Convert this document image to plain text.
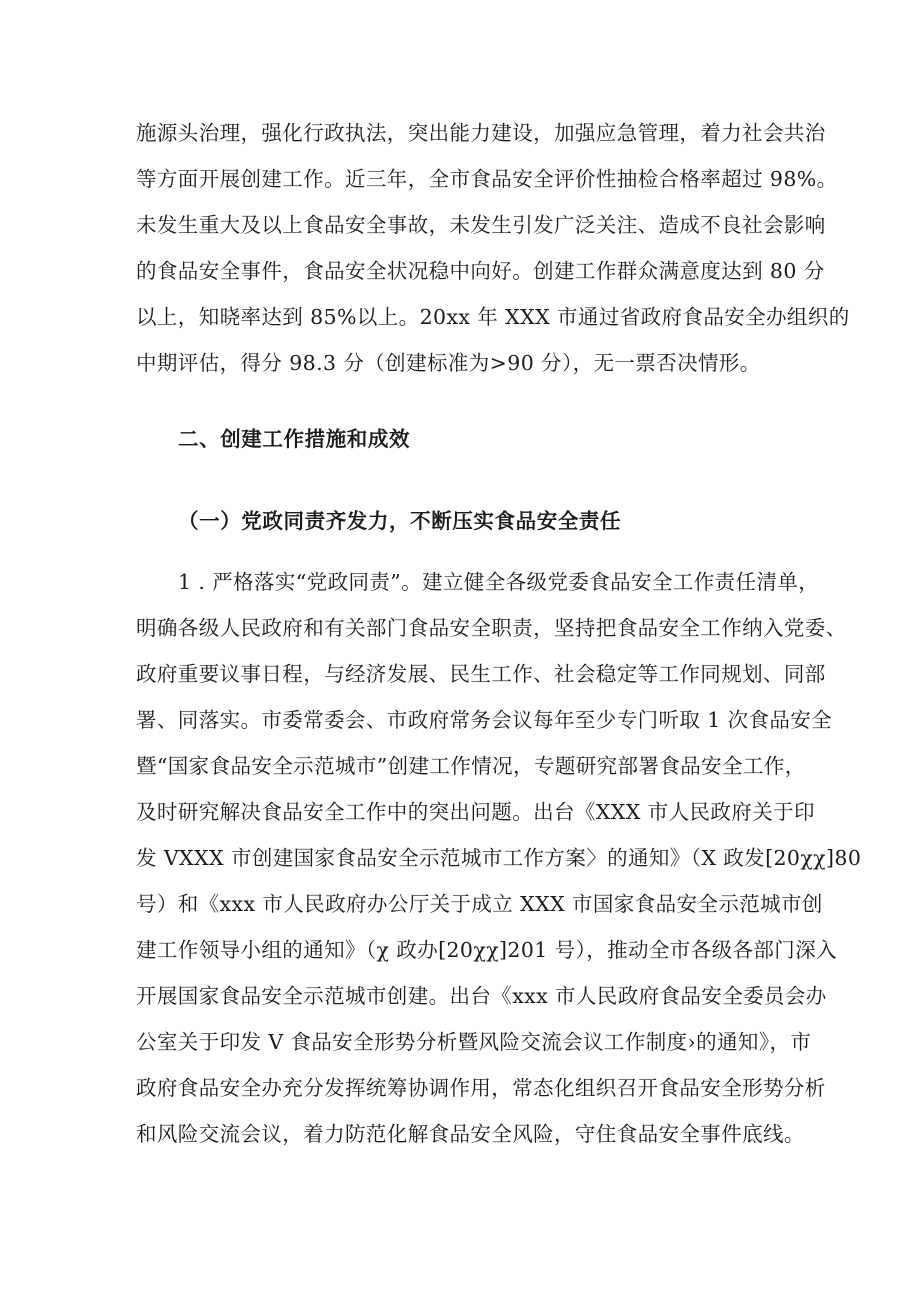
施源头治理，强化行政执法，突出能力建设，加强应急管理，着力社会共治
等方面开展创建工作。近三年，全市食品安全评价性抽检合格率超过 98%。
未发生重大及以上食品安全事故，未发生引发广泛关注、造成不良社会影响
的食品安全事件，食品安全状况稳中向好。创建工作群众满意度达到 80 分
以上，知晓率达到 85%以上。20xx 年 XXX 市通过省政府食品安全办组织的
中期评估，得分 98.3 分（创建标准为>90 分），无一票否决情形。
二、创建工作措施和成效
（一）党政同责齐发力，不断压实食品安全责任
1 . 严格落实“党政同责”。建立健全各级党委食品安全工作责任清单，
明确各级人民政府和有关部门食品安全职责，坚持把食品安全工作纳入党委、
政府重要议事日程，与经济发展、民生工作、社会稳定等工作同规划、同部
署、同落实。市委常委会、市政府常务会议每年至少专门听取 1 次食品安全
暨“国家食品安全示范城市”创建工作情况，专题研究部署食品安全工作，
及时研究解决食品安全工作中的突出问题。出台《XXX 市人民政府关于印
发 VXXX 市创建国家食品安全示范城市工作方案〉的通知》（X 政发[20χχ]80
号）和《xxx 市人民政府办公厅关于成立 XXX 市国家食品安全示范城市创
建工作领导小组的通知》（χ 政办[20χχ]201 号），推动全市各级各部门深入
开展国家食品安全示范城市创建。出台《xxx 市人民政府食品安全委员会办
公室关于印发 V 食品安全形势分析暨风险交流会议工作制度›的通知》，市
政府食品安全办充分发挥统筹协调作用，常态化组织召开食品安全形势分析
和风险交流会议，着力防范化解食品安全风险，守住食品安全事件底线。
